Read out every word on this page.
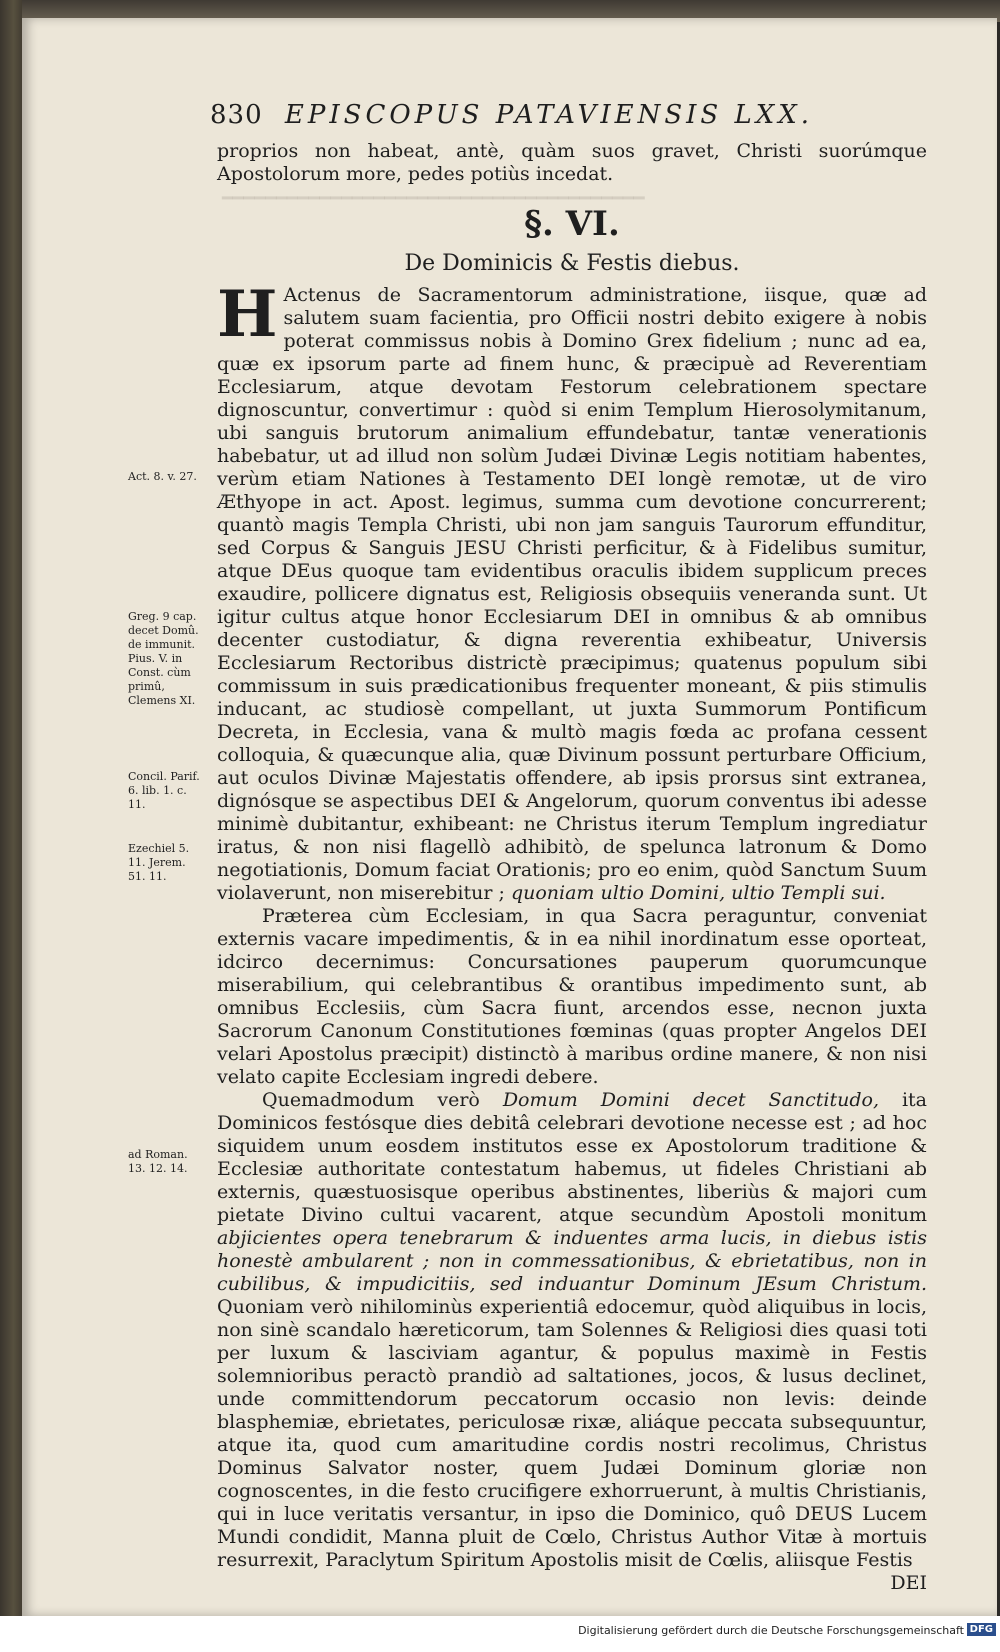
━━━━━━━━━━━━━━━━━━━━━━━━━━━━━━━━━━━━━━━
830 EPISCOPUS PATAVIENSIS LXX.

proprios non habeat, antè, quàm suos gravet, Christi suorúmque Apostolorum more, pedes potiùs incedat.

§. VI.
De Dominicis & Festis diebus.

H Actenus de Sacramentorum administratione, iisque, quæ ad salutem suam facientia, pro Officii nostri debito exigere à nobis poterat commissus nobis à Domino Grex fidelium ; nunc ad ea, quæ ex ipsorum parte ad finem hunc, & præcipuè ad Reverentiam Ecclesiarum, atque devotam Festorum celebrationem spectare dignoscuntur, convertimur : quòd si enim Templum Hierosolymitanum, ubi sanguis brutorum animalium effundebatur, tantæ venerationis habebatur, ut ad illud non solùm Judæi Divinæ Legis notitiam habentes, verùm etiam Nationes à Testamento DEI longè remotæ, ut de viro Æthyope in act. Apost. legimus, summa cum devotione concurrerent; quantò magis Templa Christi, ubi non jam sanguis Taurorum effunditur, sed Corpus & Sanguis JESU Christi perficitur, & à Fidelibus sumitur, atque DEus quoque tam evidentibus oraculis ibidem supplicum preces exaudire, pollicere dignatus est, Religiosis obsequiis veneranda sunt. Ut igitur cultus atque honor Ecclesiarum DEI in omnibus & ab omnibus decenter custodiatur, & digna reverentia exhibeatur, Universis Ecclesiarum Rectoribus districtè præcipimus; quatenus populum sibi commissum in suis prædicationibus frequenter moneant, & piis stimulis inducant, ac studiosè compellant, ut juxta Summorum Pontificum Decreta, in Ecclesia, vana & multò magis fœda ac profana cessent colloquia, & quæcunque alia, quæ Divinum possunt perturbare Officium, aut oculos Divinæ Majestatis offendere, ab ipsis prorsus sint extranea, dignósque se aspectibus DEI & Angelorum, quorum conventus ibi adesse minimè dubitantur, exhibeant: ne Christus iterum Templum ingrediatur iratus, & non nisi flagellò adhibitò, de spelunca latronum & Domo negotiationis, Domum faciat Orationis; pro eo enim, quòd Sanctum Suum violaverunt, non miserebitur ; quoniam ultio Domini, ultio Templi sui.

Præterea cùm Ecclesiam, in qua Sacra peraguntur, conveniat externis vacare impedimentis, & in ea nihil inordinatum esse oporteat, idcirco decernimus: Concursationes pauperum quorumcunque miserabilium, qui celebrantibus & orantibus impedimento sunt, ab omnibus Ecclesiis, cùm Sacra fiunt, arcendos esse, necnon juxta Sacrorum Canonum Constitutiones fœminas (quas propter Angelos DEI velari Apostolus præcipit) distinctò à maribus ordine manere, & non nisi velato capite Ecclesiam ingredi debere.

Quemadmodum verò Domum Domini decet Sanctitudo, ita Dominicos festósque dies debitâ celebrari devotione necesse est ; ad hoc siquidem unum eosdem institutos esse ex Apostolorum traditione & Ecclesiæ authoritate contestatum habemus, ut fideles Christiani ab externis, quæstuosisque operibus abstinentes, liberiùs & majori cum pietate Divino cultui vacarent, atque secundùm Apostoli monitum abjicientes opera tenebrarum & induentes arma lucis, in diebus istis honestè ambularent ; non in commessationibus, & ebrietatibus, non in cubilibus, & impudicitiis, sed induantur Dominum JEsum Christum. Quoniam verò nihilominùs experientiâ edocemur, quòd aliquibus in locis, non sinè scandalo hæreticorum, tam Solennes & Religiosi dies quasi toti per luxum & lasciviam agantur, & populus maximè in Festis solemnioribus peractò prandiò ad saltationes, jocos, & lusus declinet, unde committendorum peccatorum occasio non levis: deinde blasphemiæ, ebrietates, periculosæ rixæ, aliáque peccata subsequuntur, atque ita, quod cum amaritudine cordis nostri recolimus, Christus Dominus Salvator noster, quem Judæi Dominum gloriæ non cognoscentes, in die festo crucifigere exhorruerunt, à multis Christianis, qui in luce veritatis versantur, in ipso die Dominico, quô DEUS Lucem Mundi condidit, Manna pluit de Cœlo, Christus Author Vitæ à mortuis resurrexit, Paraclytum Spiritum Apostolis misit de Cœlis, aliisque Festis

DEI
Act. 8. v. 27.
Greg. 9 cap. decet Domû. de immunit. Pius. V. in Const. cùm primû, Clemens XI.
Concil. Parif. 6. lib. 1. c. 11.
Ezechiel 5. 11. Jerem. 51. 11.
ad Roman. 13. 12. 14.
Digitalisierung gefördert durch die Deutsche Forschungsgemeinschaft DFG
